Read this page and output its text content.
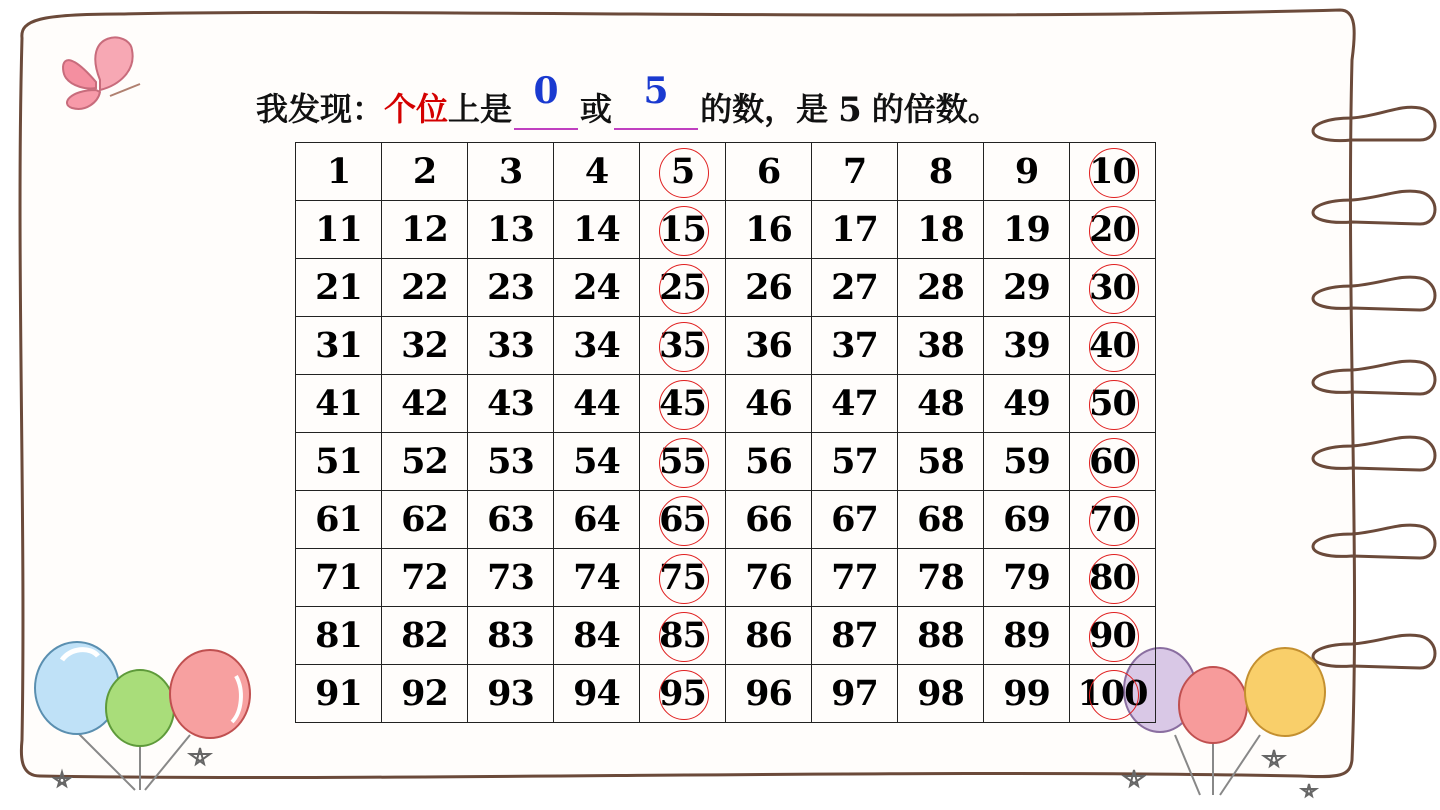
我发现： 个位 上是 0 或 5 的数，是 5 的倍数。
1	2	3	4	5	6	7	8	9	10
11	12	13	14	15	16	17	18	19	20
21	22	23	24	25	26	27	28	29	30
31	32	33	34	35	36	37	38	39	40
41	42	43	44	45	46	47	48	49	50
51	52	53	54	55	56	57	58	59	60
61	62	63	64	65	66	67	68	69	70
71	72	73	74	75	76	77	78	79	80
81	82	83	84	85	86	87	88	89	90
91	92	93	94	95	96	97	98	99	100
